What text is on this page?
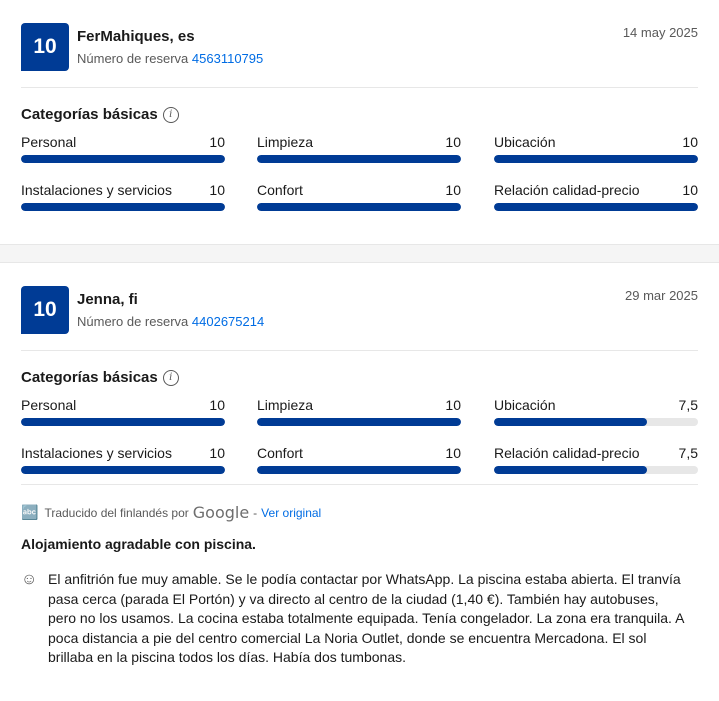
10	FerMahiques, es
Número de reserva 4563110795
14 may 2025
Categorías básicas	i
Personal	10 Limpieza	10 Ubicación	10
Instalaciones y servicios	10 Confort	10 Relación calidad-precio	10
10	Jenna, fi
Número de reserva 4402675214
29 mar 2025
Categorías básicas	i
Personal	10 Limpieza	10 Ubicación	7,5
Instalaciones y servicios	10 Confort	10 Relación calidad-precio	7,5
🔤 Traducido del finlandés por Google - Ver original
Alojamiento agradable con piscina.
☺ El anfitrión fue muy amable. Se le podía contactar por WhatsApp. La piscina estaba abierta. El tranvía pasa cerca (parada El Portón) y va directo al centro de la ciudad (1,40 €). También hay autobuses, pero no los usamos. La cocina estaba totalmente equipada. Tenía congelador. La zona era tranquila. A poca distancia a pie del centro comercial La Noria Outlet, donde se encuentra Mercadona. El sol brillaba en la piscina todos los días. Había dos tumbonas.
